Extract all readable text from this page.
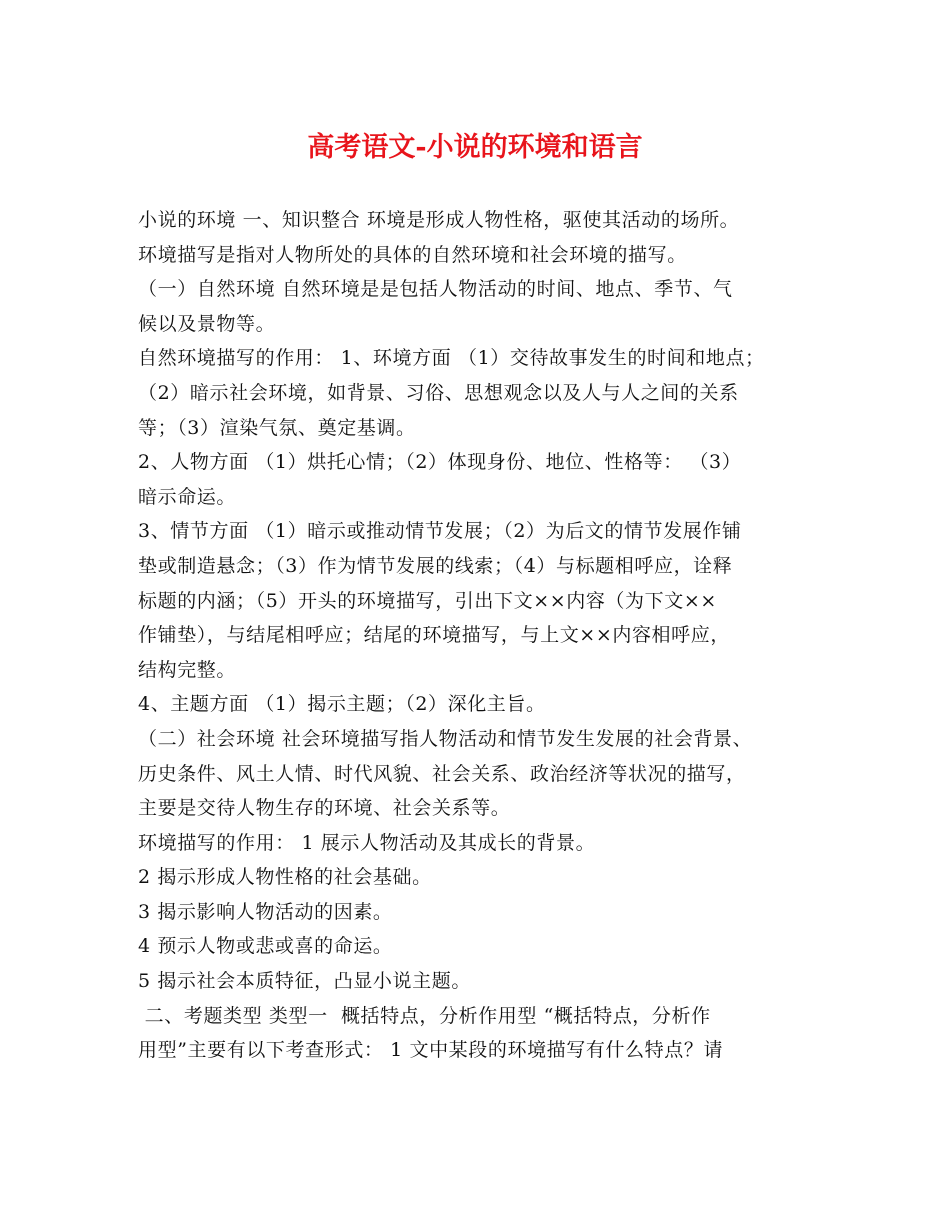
高考语文-小说的环境和语言
小说的环境 一、知识整合 环境是形成人物性格，驱使其活动的场所。
环境描写是指对人物所处的具体的自然环境和社会环境的描写。
（一）自然环境 自然环境是是包括人物活动的时间、地点、季节、气
候以及景物等。
自然环境描写的作用： 1、环境方面 （1）交待故事发生的时间和地点；
（2）暗示社会环境，如背景、习俗、思想观念以及人与人之间的关系
等；（3）渲染气氛、奠定基调。
2、人物方面 （1）烘托心情；（2）体现身份、地位、性格等： （3）
暗示命运。
3、情节方面 （1）暗示或推动情节发展；（2）为后文的情节发展作铺
垫或制造悬念；（3）作为情节发展的线索；（4）与标题相呼应，诠释
标题的内涵；（5）开头的环境描写，引出下文××内容（为下文××
作铺垫），与结尾相呼应；结尾的环境描写，与上文××内容相呼应，
结构完整。
4、主题方面 （1）揭示主题；（2）深化主旨。
（二）社会环境 社会环境描写指人物活动和情节发生发展的社会背景、
历史条件、风土人情、时代风貌、社会关系、政治经济等状况的描写，
主要是交待人物生存的环境、社会关系等。
环境描写的作用： 1 展示人物活动及其成长的背景。
2 揭示形成人物性格的社会基础。
3 揭示影响人物活动的因素。
4 预示人物或悲或喜的命运。
5 揭示社会本质特征，凸显小说主题。
二、考题类型 类型一  概括特点，分析作用型 “概括特点，分析作
用型”主要有以下考查形式： 1 文中某段的环境描写有什么特点？请
